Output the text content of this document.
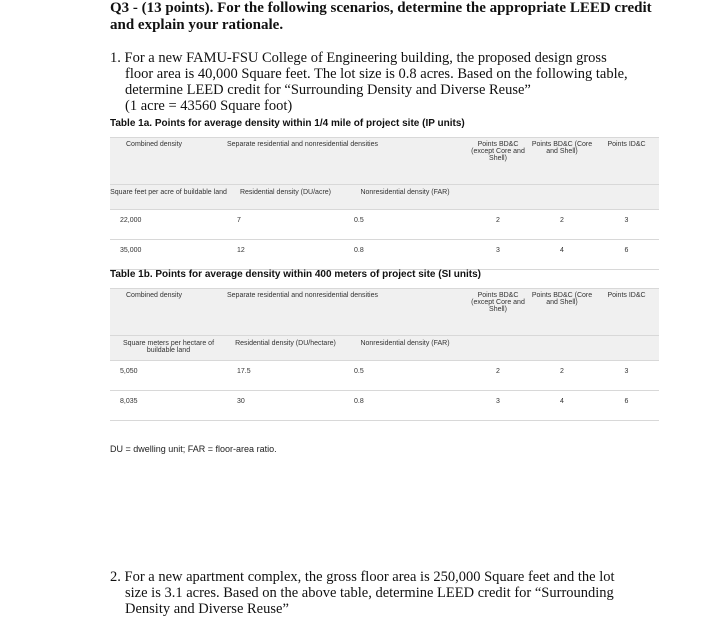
Q3 - (13 points). For the following scenarios, determine the appropriate LEED credit and explain your rationale.
1. For a new FAMU-FSU College of Engineering building, the proposed design gross
floor area is 40,000 Square feet. The lot size is 0.8 acres. Based on the following table,
determine LEED credit for “Surrounding Density and Diverse Reuse”
(1 acre = 43560 Square foot)
Table 1a. Points for average density within 1/4 mile of project site (IP units)
Combined density	Separate residential and nonresidential densities		Points BD&C (except Core and Shell)	Points BD&C (Core and Shell)	Points ID&C
Square feet per acre of buildable land	Residential density (DU/acre)	Nonresidential density (FAR)			
22,000	7	0.5	2	2	3
35,000	12	0.8	3	4	6
Table 1b. Points for average density within 400 meters of project site (SI units)
Combined density	Separate residential and nonresidential densities		Points BD&C (except Core and Shell)	Points BD&C (Core and Shell)	Points ID&C
Square meters per hectare of buildable land	Residential density (DU/hectare)	Nonresidential density (FAR)			
5,050	17.5	0.5	2	2	3
8,035	30	0.8	3	4	6
DU = dwelling unit; FAR = floor-area ratio.
2. For a new apartment complex, the gross floor area is 250,000 Square feet and the lot
size is 3.1 acres. Based on the above table, determine LEED credit for “Surrounding
Density and Diverse Reuse”
